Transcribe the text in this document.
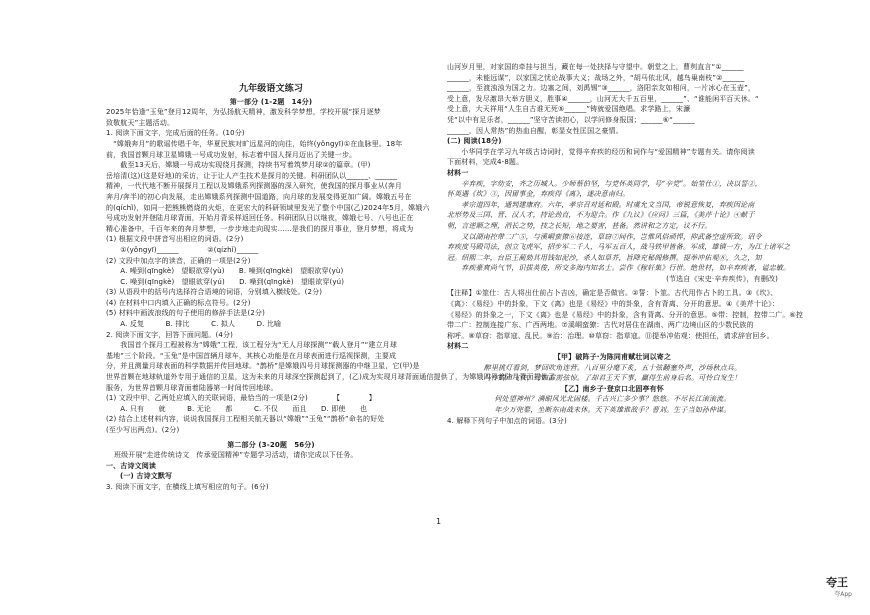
九年级语文练习
第一部分 (1-2题　14分)
2025年恰逢“玉兔”登月12周年，为弘扬航天精神，激发科学梦想，学校开展“探月逐梦
致敬航天”主题活动。
1. 阅读下面文字，完成后面的任务。(10分)
　“嫦娥奔月”的歌谣传唱千年，华夏民族对旷远星河的向往，始终(yǒngyī)①在血脉里。18年
前，我国首颗月球卫星嫦娥一号成功发射，标志着中国人探月迈出了关键一步。
　　截至13天后，嫦娥一号成功实现绕月探测，持续书写着筑梦月球②的篇章。(甲)
岳培清(这)(这是好地)的采访，让于让人产生技术是探月的关键。科研团队以______、______
精神，一代代地不断开展探月工程以及嫦娥系列探测器的深入研究，使我国的探月事业从(奔月
奔月/奔半)的初心向发展，走出嫦娥系列探测中国道路，向月球的发展变得更加广阔。嫦娥五号在
的(qíchǐ)，如同一把熊熊燃烧的火炬，在更宏大的科研领域里发光了整个中国(乙)2024年5月，嫦娥六
号成功发射并登陆月球背面，开始月背采样返回任务。科研团队日以继夜，嫦娥七号、八号也正在
精心准备中，千百年来的奔月梦想，一步步地走向现实……是我们的探月事业，登月梦想，将成为
(1) 根据文段中拼音写出相应的词语。(2分)
　　①(yǒngyī)______　　　　②(qízhǐ)______
(2) 文段中加点字的读音，正确的一项是(2分)
　　A. 噪到(qīngkè)　望眼欲穿(yù)　　B. 噪到(qīngkè)　望眼欲穿(yù)
　　C. 噪到(qīngkè)　望眼欲穿(yú)　　D. 噪到(qīngkè)　望眼欲穿(yú)
(3) 从语段中的括号内选择符合语境的词语，分别填入横线处。(2分)
(4) 在材料中口内填入正确的标点符号。(2分)
(5) 材料中画波浪线的句子使用的修辞手法是(2分)
　　A. 反复　　　B. 排比　　　C. 拟人　　　D. 比喻
2. 阅读下面文字，回答下面问题。(4分)
　　我国首个探月工程被称为“嫦娥”工程，该工程分为“无人月球探测”“载人登月”“建立月球
基地”三个阶段。“玉兔”是中国首辆月球车，其核心功能是在月球表面进行巡视探测，主要成
分，并且测量月球表面的科学数据并传回地球。“鹊桥”是嫦娥四号月球探测器的中继卫星，它(甲)是
世界首颗在地球轨道外专用于通信的卫星，这为未来的月球深空探测起到了，(乙)成为实现月球背面通信提供了，为嫦娥四号着陆月背面提供了
服务，为世界首颗月球背面着陆器第一时间传回地球。
(1) 文段中甲、乙两处应填入的关联词语，最恰当的一项是(2分)　　　　【　　　　】
　　A. 只有　　就　　　B. 无论　　都　　　C. 不仅　　而且　　D. 即使　　也
(2) 结合上述材料内容，说说我国探月工程相关航天器以“嫦娥”“玉兔”“鹊桥”命名的好处
(至少写出两点)。(2分)
第二部分 (3-20题　56分)
班级开展“走进传统诗文　传承爱国精神”专题学习活动，请你完成以下任务。
一、古诗文阅读
(一) 古诗文默写
3. 阅读下面文字，在横线上填写相应的句子。(6分)
山河岁月里，对家国的牵挂与担当，藏在每一处抉择与守望中。朝堂之上，曹刿直言“①______
______，未能远谋”，以家国之忧论战事大义；战场之外，“胡马依北风，越鸟巢南枝”②______
______，至渡浊浊为国之力。边塞之间，刘禹锡“③______，洛阳亲友如相问，一片冰心在玉壶”，
受上意，发尽激昂大举方胆义，胜事④______，山河无大千五百里，______”、“谁能闲平百天休。“
受上意，大天祥用“人生自古谁无死⑤______”铸就爱国绝唱。求学路上，宋濂
凭“以中有足乐者，______”坚守苦读初心，以学问修身报国；______⑥“______
______，因人常热”的热血自醒，彰显女性匡国之豪情。
(二) 阅读(18分)
　　小华同学在学习九年级古诗词时，觉得辛弃疾的经历和词作与“爱国精神”专题有关。请你阅读
下面材料，完成4-8题。
材料一
　　辛弃疾，字幼安，齐之历城人。少师蔡伯坚，与党怀英同学，号“辛党”。始筮仕①，决以誓②，
怀英遇《坎》③，因留事金，弃疾得《离》，遂决意南归。
　　孝宗道四年，通判建康府。六年，孝宗召对延和殿。时虞允文当国，帝锐意恢复，弃疾因论南
北形势及三国、晋、汉人才，持论劲直，不为迎合。作《九议》《应问》三篇，《美芹十论》④献于
朝，言逆顺之理，消长之势，技之长短，地之要害，甚备。然讲和之方定，议不行。
　　又以湖南控带二广⑤，与溪峒蛮獠⑥接连，草窃⑦间作，岂惟风俗顽悍，抑武备空虚所致。诏令
弃疾度马殿司法，创立飞虎军，招步军二千人，马军五百人，战马铁甲皆备。军成，雄镇一方，为江上诸军之
冠。绍熙二年，台臣王蔺劾其用钱如泥沙，杀人如草芥，旨降充秘阁修撰。提举冲佑观⑧，久之，知
　　弃疾豪爽尚气节，识拔英俊，所交多海内知名士。尝作《稼轩集》行世。绝世材，如辛弃疾者，谥忠敏。
(节选自《宋史·辛弃疾传》，有删改)
【注释】①筮仕：古人将出仕前占卜吉凶，确定是否做官。②誓：卜筮。古代用作占卜的工具。③《坎》、
《离》：《易经》中的卦象，下文《离》也是《易经》中的卦象，含有背离、分开的意思。④《美芹十论》：
《易经》的卦象之一，下文《离》也是《易经》中的卦象，含有背离、分开的意思。⑤带：控制，控带二广。⑥控
带二广：控制连接广东、广西两地。⑦溪峒蛮獠：古代对居住在湖南、两广边境山区的少数民族的
称呼。⑧草窃：指草寇、乱民。⑨治：治理。⑩草窃：指草寇。⑪提举冲佑观：使担任，请求辞官回乡。
材料二
【甲】破阵子·为陈同甫赋壮词以寄之
醉里挑灯看剑，梦回吹角连营。八百里分麾下炙，五十弦翻塞外声，沙场秋点兵。
马作的卢飞快，弓如霹雳弦惊。了却君王天下事，赢得生前身后名。可怜白发生！
【乙】南乡子·登京口北固亭有怀
何处望神州？满眼风光北固楼。千古兴亡多少事？悠悠。不尽长江滚滚流。
年少万兜鍪，坐断东南战未休。天下英雄谁敌手？曹刘。生子当如孙仲谋。
4. 解释下列句子中加点的词语。(3分)
1
夸王
夸App
